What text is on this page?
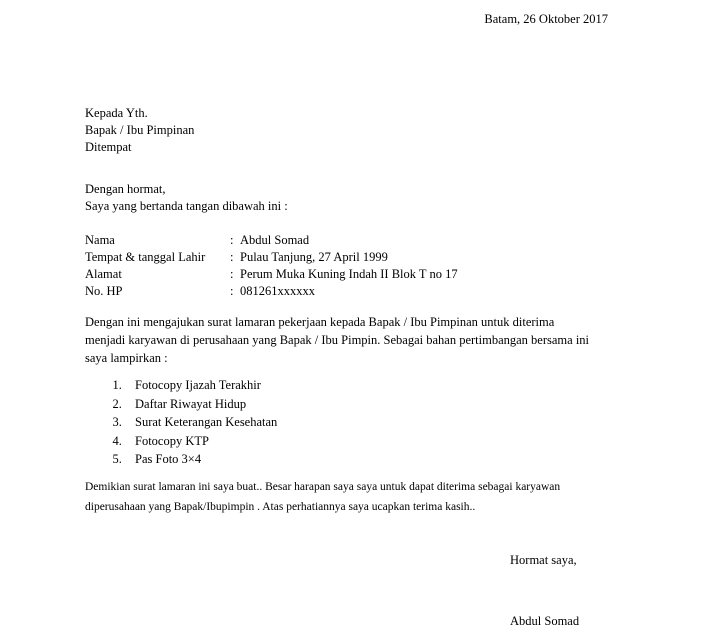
Batam, 26 Oktober 2017
Kepada Yth.
Bapak / Ibu Pimpinan
Ditempat
Dengan hormat,
Saya yang bertanda tangan dibawah ini :
Nama	:	Abdul Somad
Tempat & tanggal Lahir	:	Pulau Tanjung, 27 April 1999
Alamat	:	Perum Muka Kuning Indah II Blok T no 17
No. HP	:	081261xxxxxx
Dengan ini mengajukan surat lamaran pekerjaan kepada Bapak / Ibu Pimpinan untuk diterima menjadi karyawan di perusahaan yang Bapak / Ibu Pimpin. Sebagai bahan pertimbangan bersama ini saya lampirkan :
1. Fotocopy Ijazah Terakhir
2. Daftar Riwayat Hidup
3. Surat Keterangan Kesehatan
4. Fotocopy KTP
5. Pas Foto 3×4
Demikian surat lamaran ini saya buat.. Besar harapan saya saya untuk dapat diterima sebagai karyawan
diperusahaan yang Bapak/Ibupimpin . Atas perhatiannya saya ucapkan terima kasih..
Hormat saya,
Abdul Somad
